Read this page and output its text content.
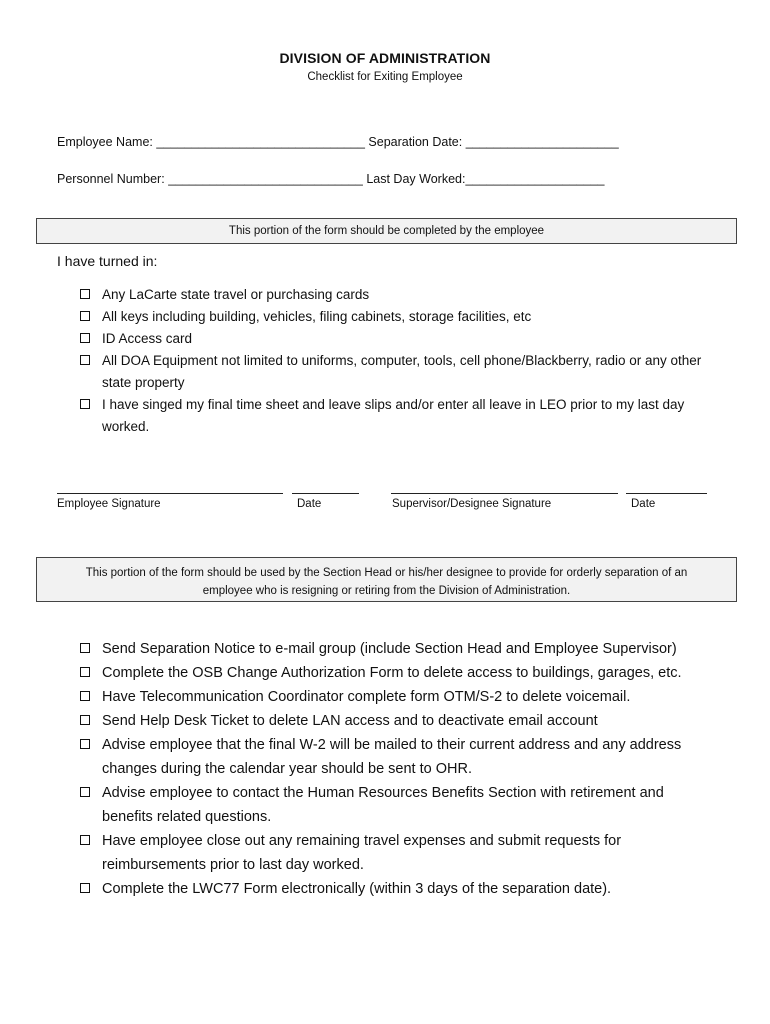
DIVISION OF ADMINISTRATION
Checklist for Exiting Employee
Employee Name: ______________________________ Separation Date: ______________________
Personnel Number: ____________________________ Last Day Worked:____________________
This portion of the form should be completed by the employee
I have turned in:
Any LaCarte state travel or purchasing cards
All keys including building, vehicles, filing cabinets, storage facilities, etc
ID Access card
All DOA Equipment not limited to uniforms, computer, tools, cell phone/Blackberry, radio or any other state property
I have singed my final time sheet and leave slips and/or enter all leave in LEO prior to my last day worked.
Employee Signature	Date	Supervisor/Designee Signature	Date
This portion of the form should be used by the Section Head or his/her designee to provide for orderly separation of an
employee who is resigning or retiring from the Division of Administration.
Send Separation Notice to e-mail group (include Section Head and Employee Supervisor)
Complete the OSB Change Authorization Form to delete access to buildings, garages, etc.
Have Telecommunication Coordinator complete form OTM/S-2 to delete voicemail.
Send Help Desk Ticket to delete LAN access and to deactivate email account
Advise employee that the final W-2 will be mailed to their current address and any address changes during the calendar year should be sent to OHR.
Advise employee to contact the Human Resources Benefits Section with retirement and benefits related questions.
Have employee close out any remaining travel expenses and submit requests for reimbursements prior to last day worked.
Complete the LWC77 Form electronically (within 3 days of the separation date).
